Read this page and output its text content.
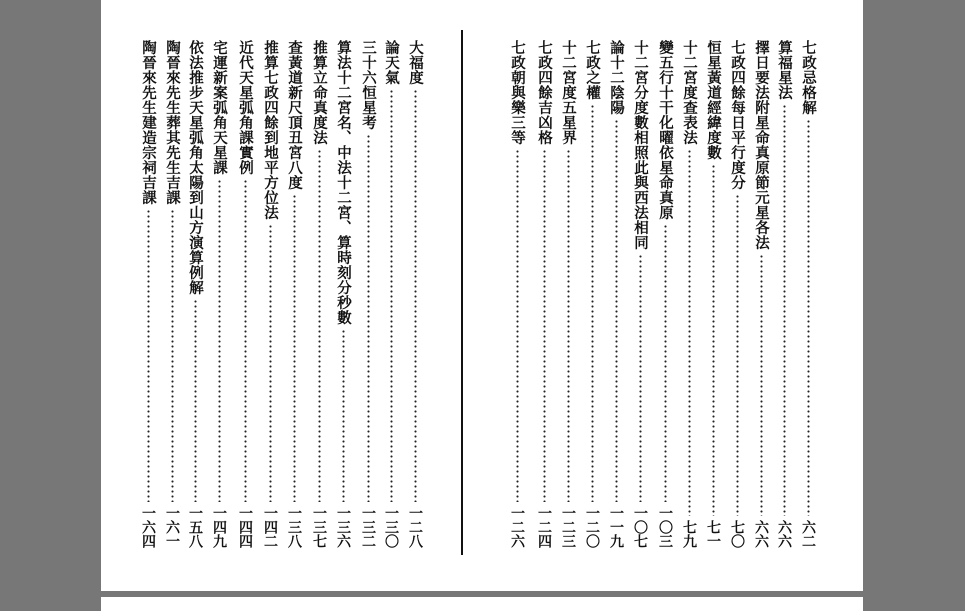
七政忌格解
六二
算福星法
六六
擇日要法附星命真原節元星各法
六六
七政四餘每日平行度分
七〇
恒星黃道經緯度數
七一
十二宮度查表法
七九
變五行十干化曜依星命真原
一〇三
十二宮分度數相照此與西法相同
一〇七
論十二陰陽
一一九
七政之權
一二〇
十二宮度五星界
一二三
七政四餘吉凶格
一二四
七政朝與樂三等
一二六
大福度
一二八
論天氣
一三〇
三十六恒星考
一三二
算法十二宮名、中法十二宮、算時刻分秒數
一三六
推算立命真度法
一三七
查黃道新尺頂丑宮八度
一三八
推算七政四餘到地平方位法
一四二
近代天星弧角課實例
一四四
宅運新案弧角天星課
一四九
依法推步天星弧角太陽到山方演算例解
一五八
陶晉來先生葬其先生吉課
一六一
陶晉來先生建造宗祠吉課
一六四
